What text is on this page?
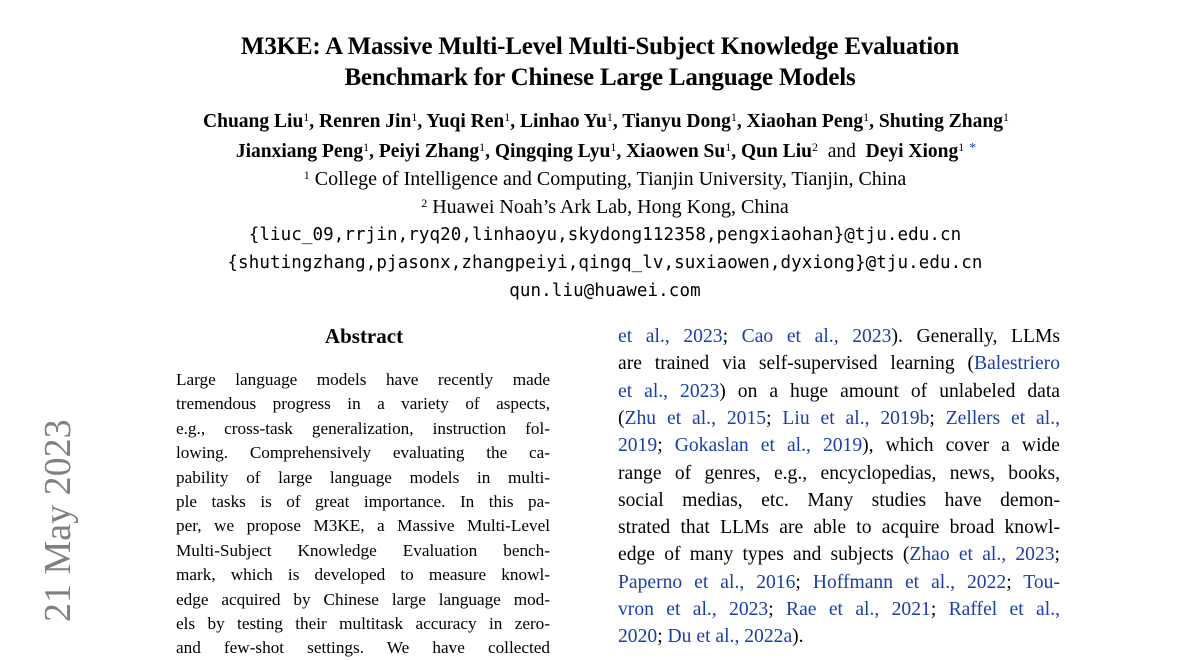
M3KE: A Massive Multi-Level Multi-Subject Knowledge Evaluation
Benchmark for Chinese Large Language Models
Chuang Liu$^1$, Renren Jin$^1$, Yuqi Ren$^1$, Linhao Yu$^1$, Tianyu Dong$^1$, Xiaohan Peng$^1$, Shuting Zhang$^1$
Jianxiang Peng$^1$, Peiyi Zhang$^1$, Qingqing Lyu$^1$, Xiaowen Su$^1$, Qun Liu$^2$ and Deyi Xiong$^1$ *
$^1$ College of Intelligence and Computing, Tianjin University, Tianjin, China
$^2$ Huawei Noah’s Ark Lab, Hong Kong, China
{liuc_09,rrjin,ryq20,linhaoyu,skydong112358,pengxiaohan}@tju.edu.cn
{shutingzhang,pjasonx,zhangpeiyi,qingq_lv,suxiaowen,dyxiong}@tju.edu.cn
qun.liu@huawei.com
21 May 2023
Abstract
Large language models have recently made
tremendous progress in a variety of aspects,
e.g., cross-task generalization, instruction fol-
lowing. Comprehensively evaluating the ca-
pability of large language models in multi-
ple tasks is of great importance. In this pa-
per, we propose M3KE, a Massive Multi-Level
Multi-Subject Knowledge Evaluation bench-
mark, which is developed to measure knowl-
edge acquired by Chinese large language mod-
els by testing their multitask accuracy in zero-
and few-shot settings. We have collected
et al., 2023; Cao et al., 2023). Generally, LLMs
are trained via self-supervised learning (Balestriero
et al., 2023) on a huge amount of unlabeled data
(Zhu et al., 2015; Liu et al., 2019b; Zellers et al.,
2019; Gokaslan et al., 2019), which cover a wide
range of genres, e.g., encyclopedias, news, books,
social medias, etc. Many studies have demon-
strated that LLMs are able to acquire broad knowl-
edge of many types and subjects (Zhao et al., 2023;
Paperno et al., 2016; Hoffmann et al., 2022; Tou-
vron et al., 2023; Rae et al., 2021; Raffel et al.,
2020; Du et al., 2022a).
